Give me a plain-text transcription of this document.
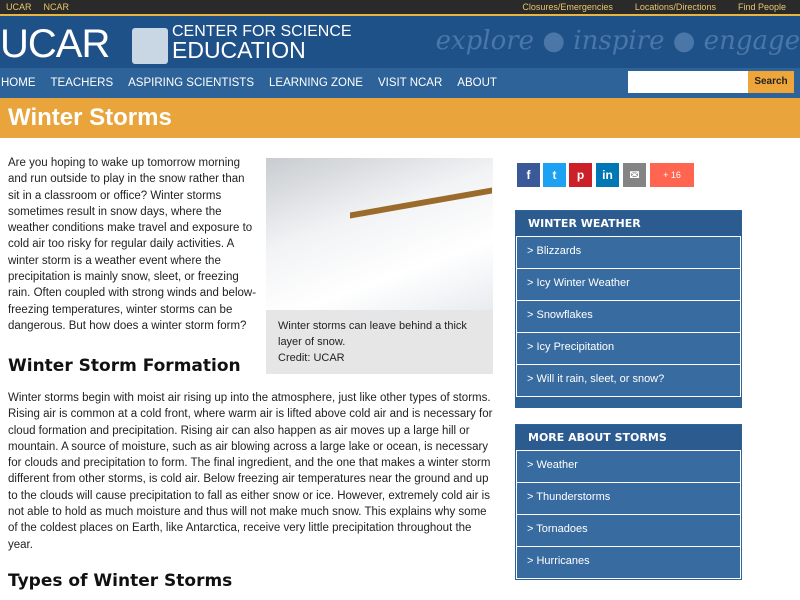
UCAR NCAR	Closures/Emergencies Locations/Directions Find People
UCAR	CENTER FOR SCIENCE
EDUCATION	explore ● inspire ● engage
HOME TEACHERS ASPIRING SCIENTISTS LEARNING ZONE VISIT NCAR ABOUT	Search
Winter Storms
Winter storms can leave behind a thick layer of snow.
Credit: UCAR

Are you hoping to wake up tomorrow morning and run outside to play in the snow rather than sit in a classroom or office? Winter storms sometimes result in snow days, where the weather conditions make travel and exposure to cold air too risky for regular daily activities. A winter storm is a weather event where the precipitation is mainly snow, sleet, or freezing rain. Often coupled with strong winds and below-freezing temperatures, winter storms can be dangerous. But how does a winter storm form?

Winter Storm Formation

Winter storms begin with moist air rising up into the atmosphere, just like other types of storms. Rising air is common at a cold front, where warm air is lifted above cold air and is necessary for cloud formation and precipitation. Rising air can also happen as air moves up a large hill or mountain. A source of moisture, such as air blowing across a large lake or ocean, is necessary for clouds and precipitation to form. The final ingredient, and the one that makes a winter storm different from other storms, is cold air. Below freezing air temperatures near the ground and up to the clouds will cause precipitation to fall as either snow or ice. However, extremely cold air is not able to hold as much moisture and thus will not make much snow. This explains why some of the coldest places on Earth, like Antarctica, receive very little precipitation throughout the year.

Types of Winter Storms
f	t	p	in	✉	+ 16
WINTER WEATHER
> Blizzards
> Icy Winter Weather
> Snowflakes
> Icy Precipitation
> Will it rain, sleet, or snow?
MORE ABOUT STORMS
> Weather
> Thunderstorms
> Tornadoes
> Hurricanes
